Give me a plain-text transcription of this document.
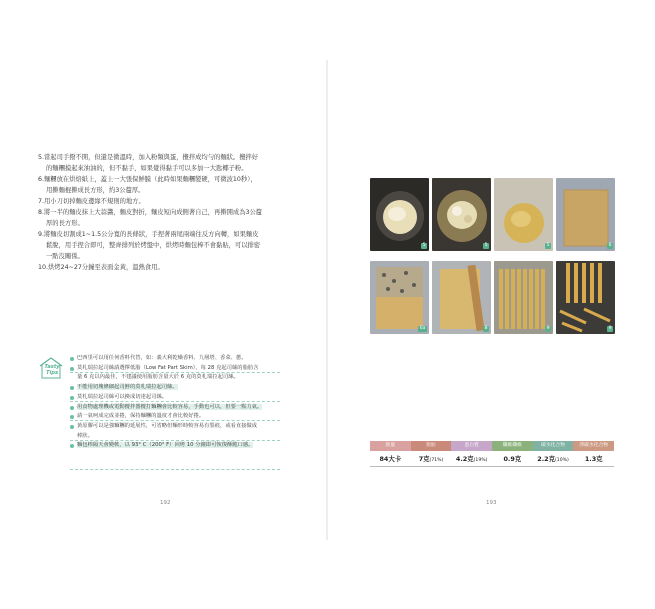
5.當起司手撥不開，但還是微溫時，加入粉類與蛋，攪拌成均勻的麵狀。攪拌好
的麵糰摸起來油油的，但不黏手，如果覺得黏手可以多加一大匙椰子粉。

6.麵糰放在烘焙紙上，蓋上一大張保鮮膜（此時如果麵糰變硬，可微波10秒），
用擀麵棍擀成長方形，約3公釐厚。

7.用小刀切掉麵皮邊緣不規則的地方。

8.將一半的麵皮抹上大蒜醬，麵皮對折，麵皮短向成側著自己，再擀開成為3公釐
厚的長方形。

9.將麵皮切割成1~1.5公分寬的長條狀，手捏著兩尾兩端往反方向轉，如果麵皮
鬆脫，用手捏合即可，整齊排列於烤盤中，烘烤時麵包棒不會黏貼，可以排密
一點沒關係。

10.烘烤24~27分鐘至表面金黃，溫熱食用。

Tasty Tips
巴西里可以用任何香料代替，如：義大利乾燥香料、九層塔、香菜、蔥。
莫札瑞拉起司絲請選擇低脂（Low Fat Part Skim），每 28 克起司絲的脂肪含
量 6 克以內最佳，不建議使用脂肪含量大於 6 克的莫札瑞拉起司絲。
不能用切塊條細起司鮮的莫札瑞拉起司絲。
莫札瑞拉起司絲可以換成切達起司絲。
用食物處理機或電動攪拌器攪打麵糰會比較容易，手動也可以，但要一點力氣。
請一氣呵成完成並捲，保持麵糰的溫度才會比較好捲。
黃原膠可以是強麵糰的延展性，可省略但麵形時較容易有裂痕，或看直接做成
棒狀。
麵包棒隔天會變軟，以 93° C（200° F）回烤 10 分鐘即可恢復酥脆口感。
192	193
5	5	5	6
6a	8	9	9
熱量	脂肪	蛋白質	纖維纖維	碳水化合物	淨碳水化合物
84大卡	7克(71%)	4.2克(19%)	0.9克	2.2克(10%)	1.3克
